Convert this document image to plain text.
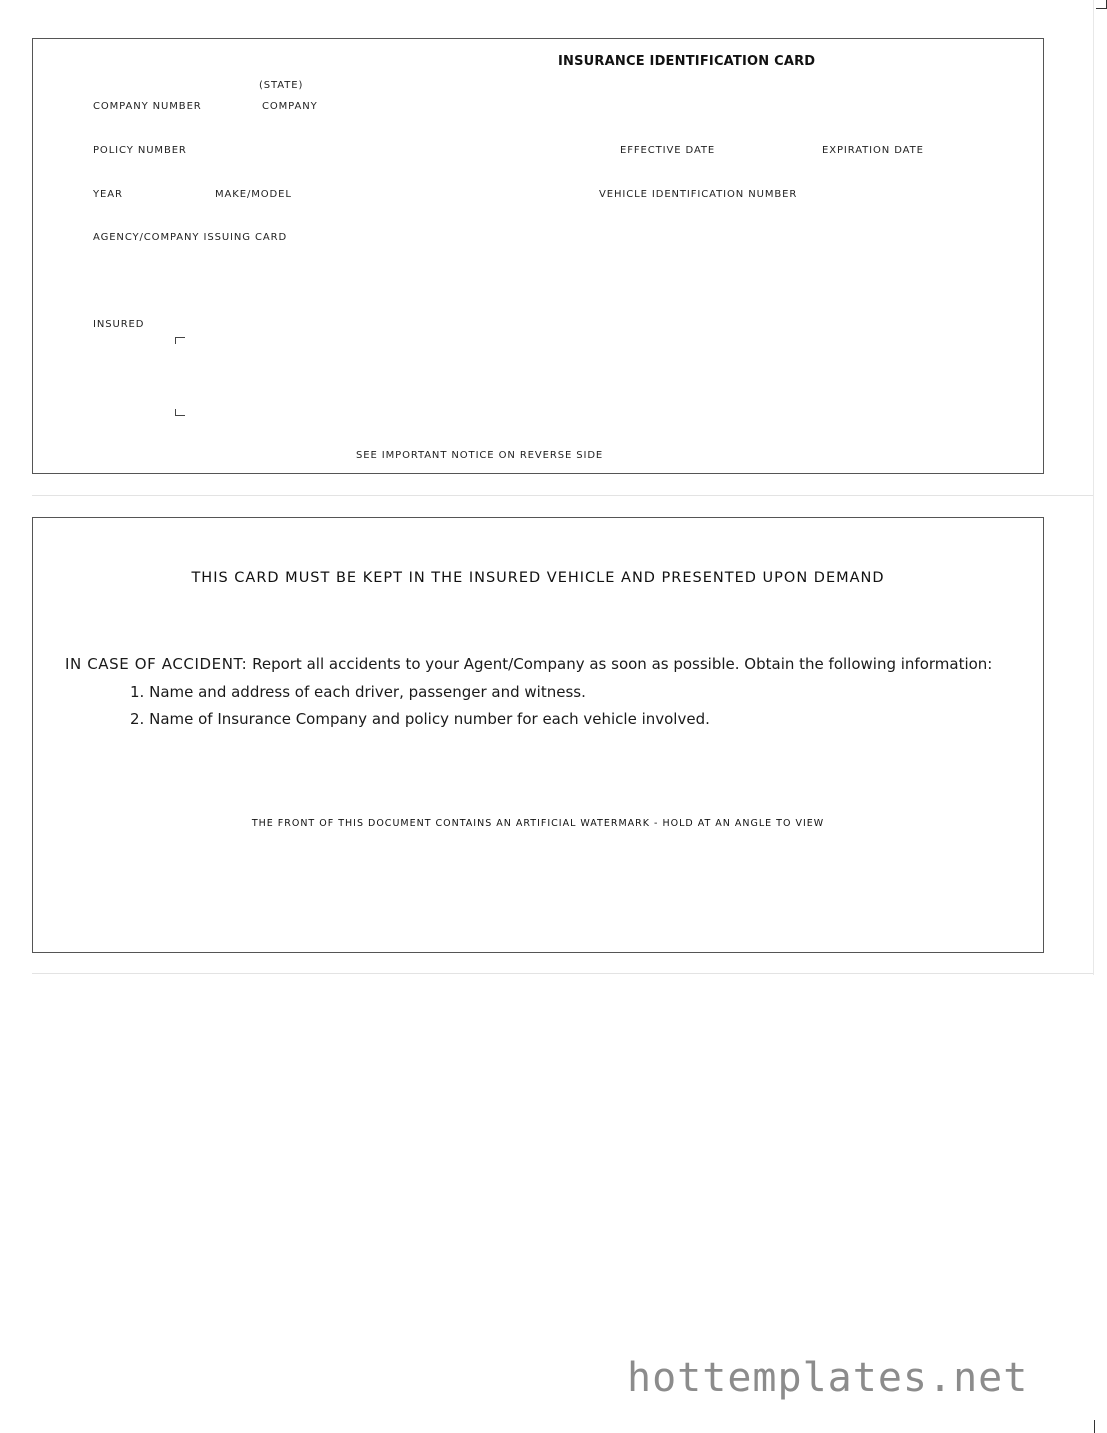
INSURANCE IDENTIFICATION CARD
(STATE)
COMPANY NUMBER	COMPANY
POLICY NUMBER	EFFECTIVE DATE	EXPIRATION DATE
YEAR	MAKE/MODEL	VEHICLE IDENTIFICATION NUMBER
AGENCY/COMPANY ISSUING CARD
INSURED
SEE IMPORTANT NOTICE ON REVERSE SIDE
THIS CARD MUST BE KEPT IN THE INSURED VEHICLE AND PRESENTED UPON DEMAND
IN CASE OF ACCIDENT: Report all accidents to your Agent/Company as soon as possible. Obtain the following information:
1. Name and address of each driver, passenger and witness.
2. Name of Insurance Company and policy number for each vehicle involved.
THE FRONT OF THIS DOCUMENT CONTAINS AN ARTIFICIAL WATERMARK - HOLD AT AN ANGLE TO VIEW
hottemplates.net
